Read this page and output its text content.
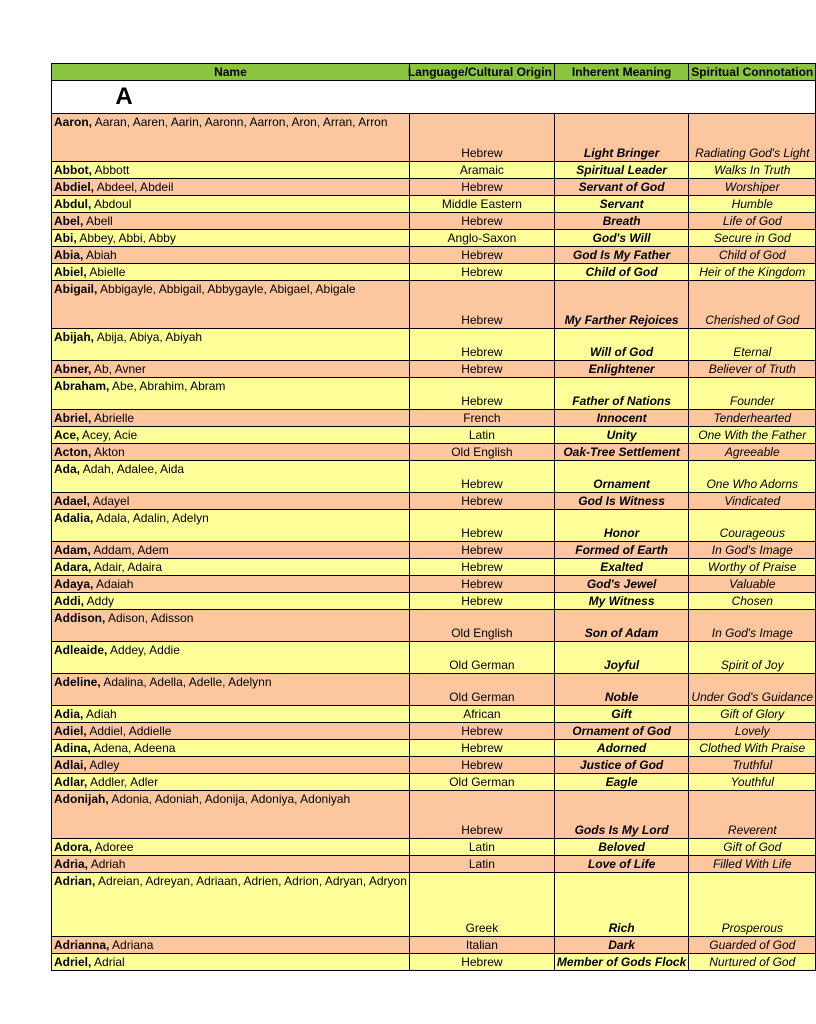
Name	Language/Cultural Origin	Inherent Meaning	Spiritual Connotation

A			

Aaron, Aaran, Aaren, Aarin, Aaronn, Aarron, Aron, Arran, Arron	Hebrew	Light Bringer	Radiating God's Light
Abbot, Abbott	Aramaic	Spiritual Leader	Walks In Truth
Abdiel, Abdeel, Abdeil	Hebrew	Servant of God	Worshiper
Abdul, Abdoul	Middle Eastern	Servant	Humble
Abel, Abell	Hebrew	Breath	Life of God
Abi, Abbey, Abbi, Abby	Anglo-Saxon	God's Will	Secure in God
Abia, Abiah	Hebrew	God Is My Father	Child of God
Abiel, Abielle	Hebrew	Child of God	Heir of the Kingdom
Abigail, Abbigayle, Abbigail, Abbygayle, Abigael, Abigale	Hebrew	My Farther Rejoices	Cherished of God
Abijah, Abija, Abiya, Abiyah	Hebrew	Will of God	Eternal
Abner, Ab, Avner	Hebrew	Enlightener	Believer of Truth
Abraham, Abe, Abrahim, Abram	Hebrew	Father of Nations	Founder
Abriel, Abrielle	French	Innocent	Tenderhearted
Ace, Acey, Acie	Latin	Unity	One With the Father
Acton, Akton	Old English	Oak-Tree Settlement	Agreeable
Ada, Adah, Adalee, Aida	Hebrew	Ornament	One Who Adorns
Adael, Adayel	Hebrew	God Is Witness	Vindicated
Adalia, Adala, Adalin, Adelyn	Hebrew	Honor	Courageous
Adam, Addam, Adem	Hebrew	Formed of Earth	In God's Image
Adara, Adair, Adaira	Hebrew	Exalted	Worthy of Praise
Adaya, Adaiah	Hebrew	God's Jewel	Valuable
Addi, Addy	Hebrew	My Witness	Chosen
Addison, Adison, Adisson	Old English	Son of Adam	In God's Image
Adleaide, Addey, Addie	Old German	Joyful	Spirit of Joy
Adeline, Adalina, Adella, Adelle, Adelynn	Old German	Noble	Under God's Guidance
Adia, Adiah	African	Gift	Gift of Glory
Adiel, Addiel, Addielle	Hebrew	Ornament of God	Lovely
Adina, Adena, Adeena	Hebrew	Adorned	Clothed With Praise
Adlai, Adley	Hebrew	Justice of God	Truthful
Adlar, Addler, Adler	Old German	Eagle	Youthful
Adonijah, Adonia, Adoniah, Adonija, Adoniya, Adoniyah	Hebrew	Gods Is My Lord	Reverent
Adora, Adoree	Latin	Beloved	Gift of God
Adria, Adriah	Latin	Love of Life	Filled With Life
Adrian, Adreian, Adreyan, Adriaan, Adrien, Adrion, Adryan, Adryon	Greek	Rich	Prosperous
Adrianna, Adriana	Italian	Dark	Guarded of God
Adriel, Adrial	Hebrew	Member of Gods Flock	Nurtured of God
